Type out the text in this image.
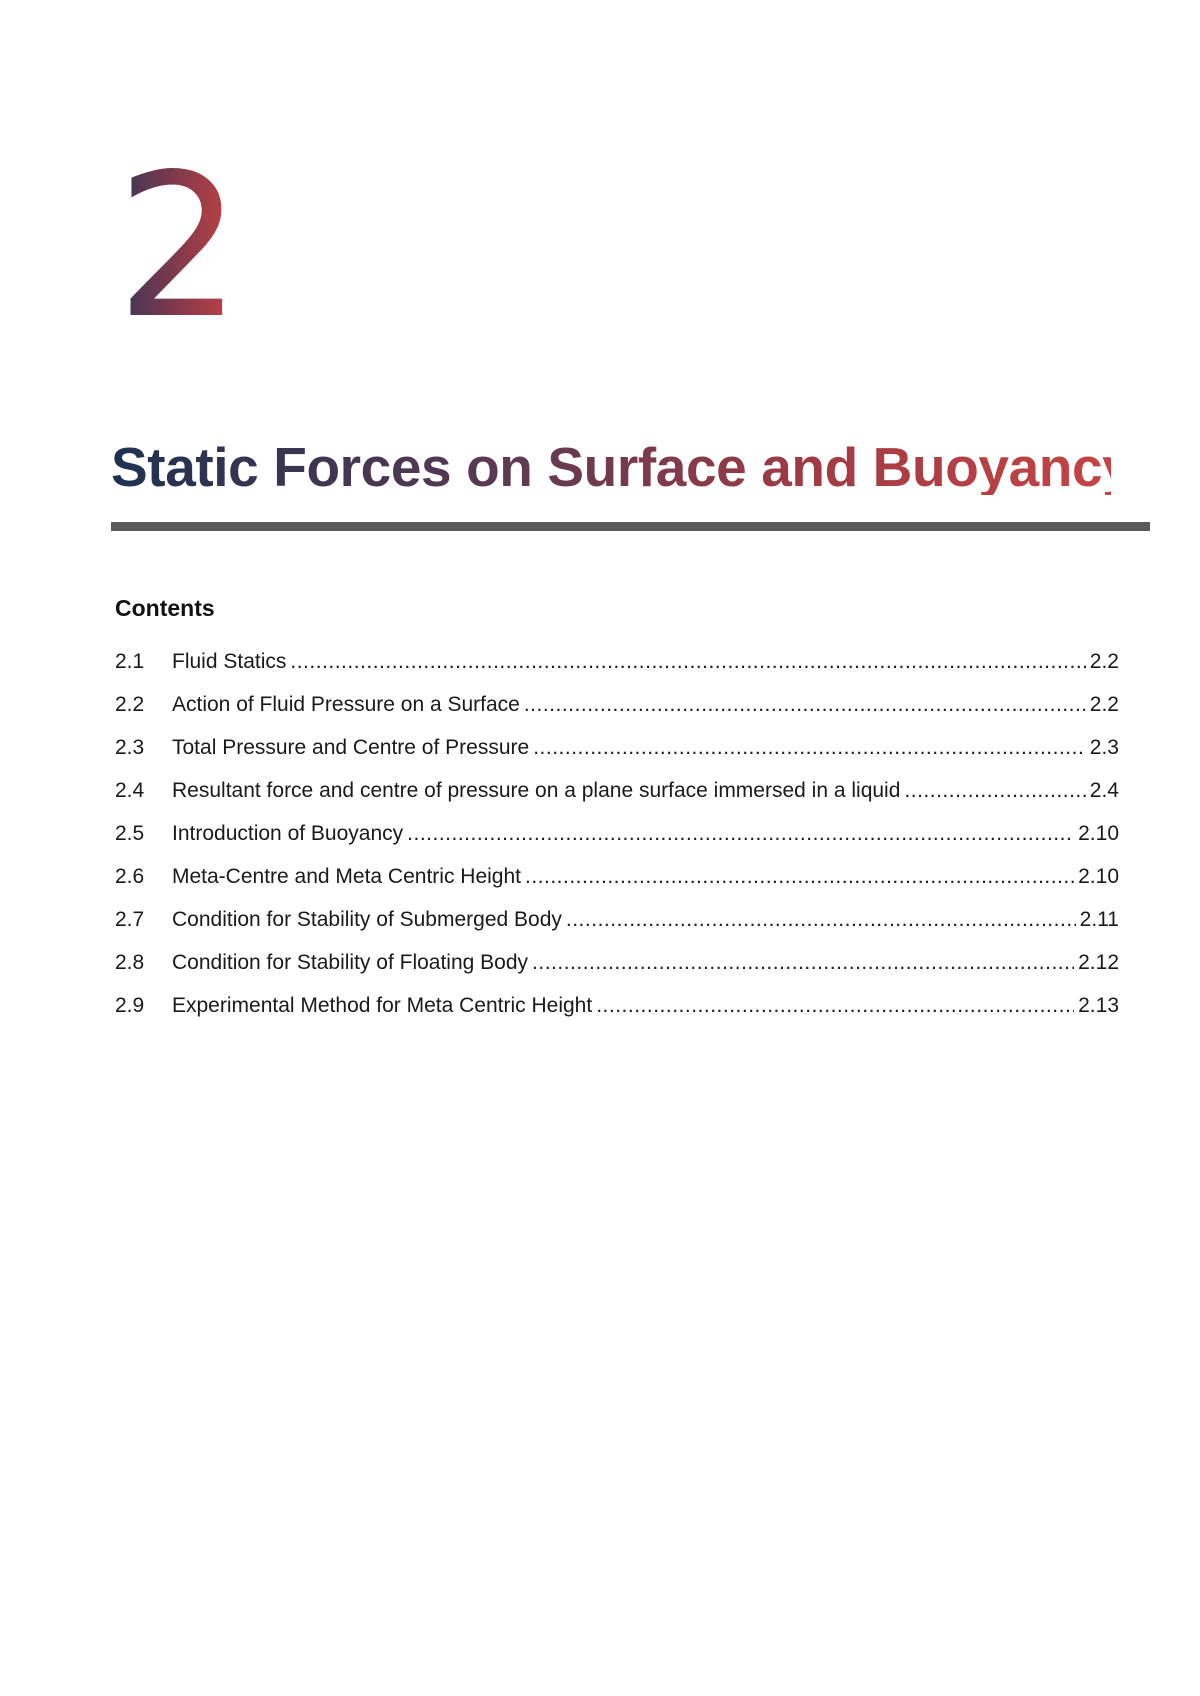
2
Static Forces on Surface and Buoyancy
Contents
2.1	Fluid Statics .....	2.2
2.2	Action of Fluid Pressure on a Surface .....	2.2
2.3	Total Pressure and Centre of Pressure .....	2.3
2.4	Resultant force and centre of pressure on a plane surface immersed in a liquid .....	2.4
2.5	Introduction of Buoyancy .....	2.10
2.6	Meta-Centre and Meta Centric Height .....	2.10
2.7	Condition for Stability of Submerged Body .....	2.11
2.8	Condition for Stability of Floating Body .....	2.12
2.9	Experimental Method for Meta Centric Height .....	2.13
